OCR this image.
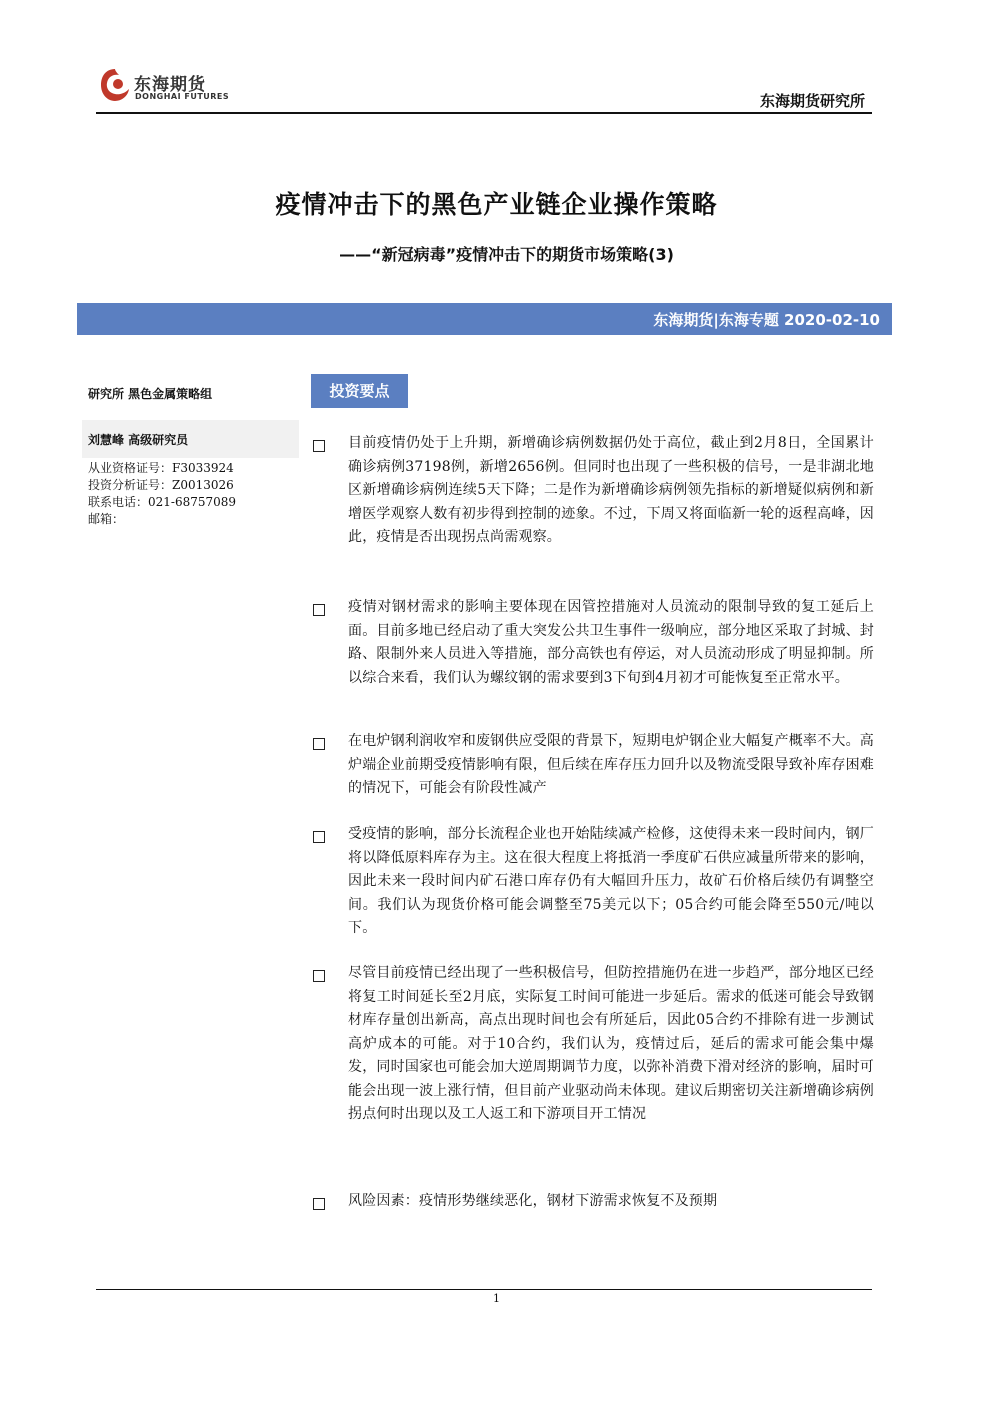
东海期货
DONGHAI FUTURES	东海期货研究所
疫情冲击下的黑色产业链企业操作策略
——“新冠病毒”疫情冲击下的期货市场策略(3)
东海期货|东海专题 2020-02-10
研究所 黑色金属策略组
刘慧峰 高级研究员
从业资格证号：F3033924
投资分析证号：Z0013026
联系电话：021-68757089
邮箱：
投资要点
目前疫情仍处于上升期，新增确诊病例数据仍处于高位，截止到2月8日，全国累计确诊病例37198例，新增2656例。但同时也出现了一些积极的信号，一是非湖北地区新增确诊病例连续5天下降；二是作为新增确诊病例领先指标的新增疑似病例和新增医学观察人数有初步得到控制的迹象。不过，下周又将面临新一轮的返程高峰，因此，疫情是否出现拐点尚需观察。
疫情对钢材需求的影响主要体现在因管控措施对人员流动的限制导致的复工延后上面。目前多地已经启动了重大突发公共卫生事件一级响应，部分地区采取了封城、封路、限制外来人员进入等措施，部分高铁也有停运，对人员流动形成了明显抑制。所以综合来看，我们认为螺纹钢的需求要到3下旬到4月初才可能恢复至正常水平。
在电炉钢利润收窄和废钢供应受限的背景下，短期电炉钢企业大幅复产概率不大。高炉端企业前期受疫情影响有限，但后续在库存压力回升以及物流受限导致补库存困难的情况下，可能会有阶段性减产
受疫情的影响，部分长流程企业也开始陆续减产检修，这使得未来一段时间内，钢厂将以降低原料库存为主。这在很大程度上将抵消一季度矿石供应减量所带来的影响，因此未来一段时间内矿石港口库存仍有大幅回升压力，故矿石价格后续仍有调整空间。我们认为现货价格可能会调整至75美元以下；05合约可能会降至550元/吨以下。
尽管目前疫情已经出现了一些积极信号，但防控措施仍在进一步趋严，部分地区已经将复工时间延长至2月底，实际复工时间可能进一步延后。需求的低迷可能会导致钢材库存量创出新高，高点出现时间也会有所延后，因此05合约不排除有进一步测试高炉成本的可能。对于10合约，我们认为，疫情过后，延后的需求可能会集中爆发，同时国家也可能会加大逆周期调节力度，以弥补消费下滑对经济的影响，届时可能会出现一波上涨行情，但目前产业驱动尚未体现。建议后期密切关注新增确诊病例拐点何时出现以及工人返工和下游项目开工情况
风险因素：疫情形势继续恶化，钢材下游需求恢复不及预期
1
